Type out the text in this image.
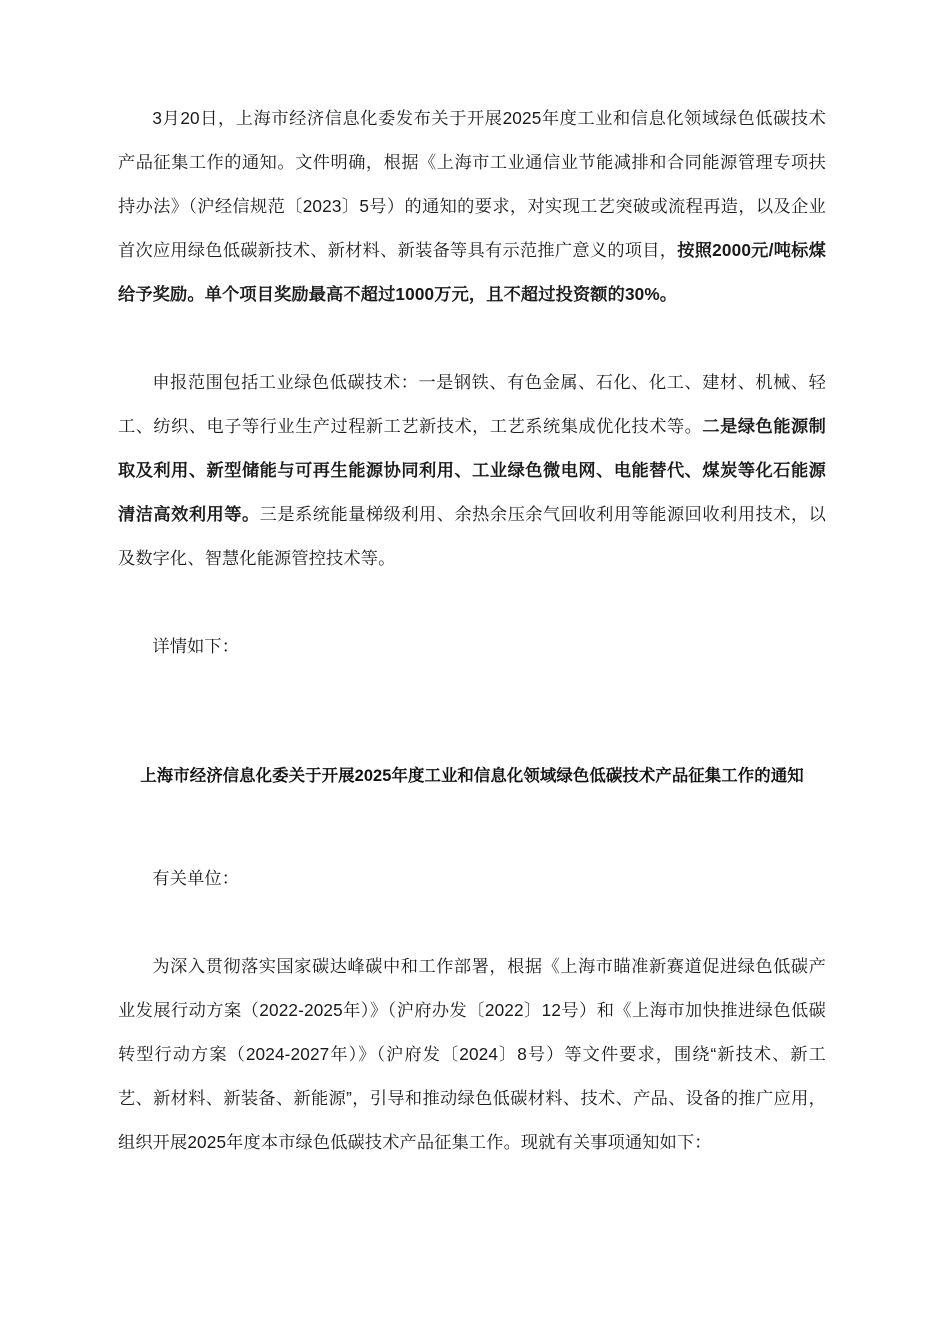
3月20日，上海市经济信息化委发布关于开展2025年度工业和信息化领域绿色低碳技术产品征集工作的通知。文件明确，根据《上海市工业通信业节能减排和合同能源管理专项扶持办法》（沪经信规范〔2023〕5号）的通知的要求，对实现工艺突破或流程再造，以及企业首次应用绿色低碳新技术、新材料、新装备等具有示范推广意义的项目，按照2000元/吨标煤给予奖励。单个项目奖励最高不超过1000万元，且不超过投资额的30%。

申报范围包括工业绿色低碳技术：一是钢铁、有色金属、石化、化工、建材、机械、轻工、纺织、电子等行业生产过程新工艺新技术，工艺系统集成优化技术等。二是绿色能源制取及利用、新型储能与可再生能源协同利用、工业绿色微电网、电能替代、煤炭等化石能源清洁高效利用等。三是系统能量梯级利用、余热余压余气回收利用等能源回收利用技术，以及数字化、智慧化能源管控技术等。

详情如下：

上海市经济信息化委关于开展2025年度工业和信息化领域绿色低碳技术产品征集工作的通知

有关单位：

为深入贯彻落实国家碳达峰碳中和工作部署，根据《上海市瞄准新赛道促进绿色低碳产业发展行动方案（2022-2025年）》（沪府办发〔2022〕12号）和《上海市加快推进绿色低碳转型行动方案（2024-2027年）》（沪府发〔2024〕8号）等文件要求，围绕“新技术、新工艺、新材料、新装备、新能源”，引导和推动绿色低碳材料、技术、产品、设备的推广应用，组织开展2025年度本市绿色低碳技术产品征集工作。现就有关事项通知如下：
